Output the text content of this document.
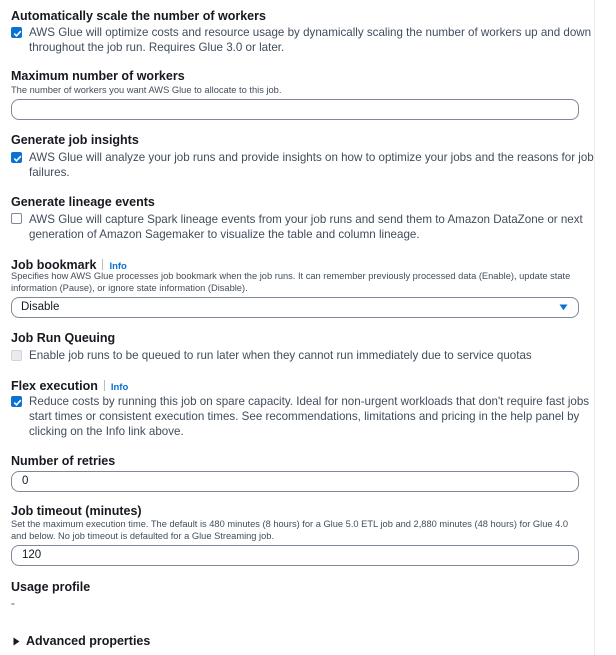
Automatically scale the number of workers
AWS Glue will optimize costs and resource usage by dynamically scaling the number of workers up and down
throughout the job run. Requires Glue 3.0 or later.
Maximum number of workers
The number of workers you want AWS Glue to allocate to this job.
Generate job insights
AWS Glue will analyze your job runs and provide insights on how to optimize your jobs and the reasons for job
failures.
Generate lineage events
AWS Glue will capture Spark lineage events from your job runs and send them to Amazon DataZone or next
generation of Amazon Sagemaker to visualize the table and column lineage.
Job bookmark Info
Specifies how AWS Glue processes job bookmark when the job runs. It can remember previously processed data (Enable), update state
information (Pause), or ignore state information (Disable).
Disable
Job Run Queuing
Enable job runs to be queued to run later when they cannot run immediately due to service quotas
Flex execution Info
Reduce costs by running this job on spare capacity. Ideal for non-urgent workloads that don't require fast jobs
start times or consistent execution times. See recommendations, limitations and pricing in the help panel by
clicking on the Info link above.
Number of retries
0
Job timeout (minutes)
Set the maximum execution time. The default is 480 minutes (8 hours) for a Glue 5.0 ETL job and 2,880 minutes (48 hours) for Glue 4.0
and below. No job timeout is defaulted for a Glue Streaming job.
120
Usage profile
-
Advanced properties
